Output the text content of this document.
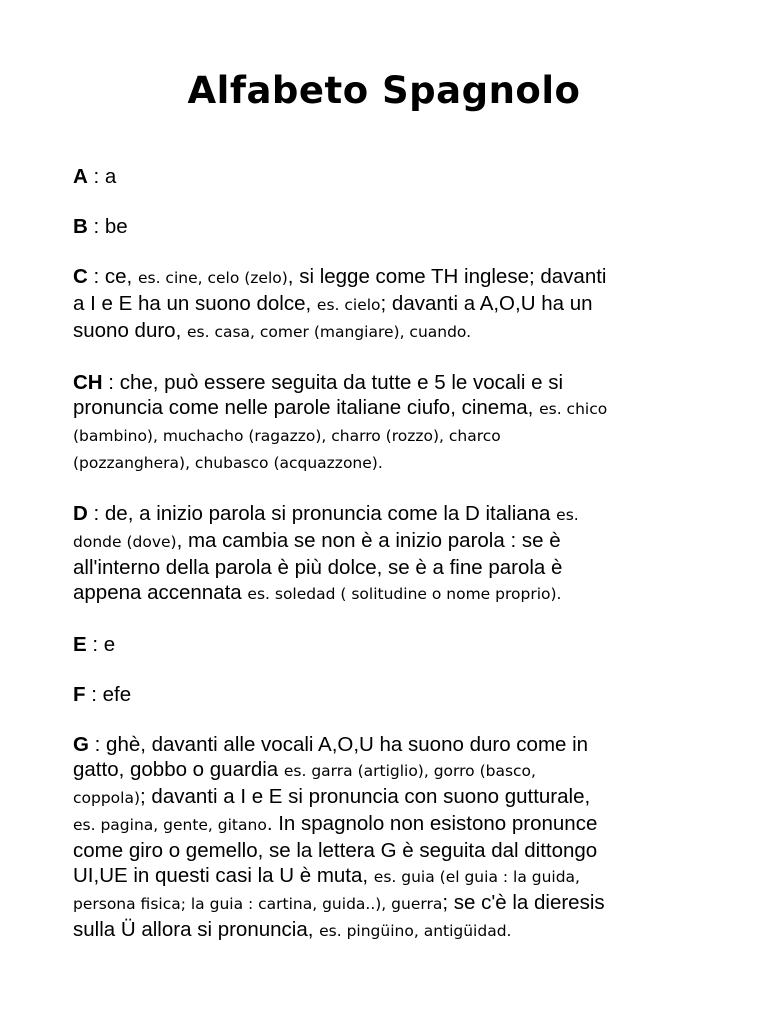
Alfabeto Spagnolo

A : a

B : be

C : ce, es. cine, celo (zelo), si legge come TH inglese; davanti
a I e E ha un suono dolce, es. cielo; davanti a A,O,U ha un
suono duro, es. casa, comer (mangiare), cuando.

CH : che, può essere seguita da tutte e 5 le vocali e si
pronuncia come nelle parole italiane ciufo, cinema, es. chico
(bambino), muchacho (ragazzo), charro (rozzo), charco
(pozzanghera), chubasco (acquazzone).

D : de, a inizio parola si pronuncia come la D italiana es.
donde (dove), ma cambia se non è a inizio parola : se è
all'interno della parola è più dolce, se è a fine parola è
appena accennata es. soledad ( solitudine o nome proprio).

E : e

F : efe

G : ghè, davanti alle vocali A,O,U ha suono duro come in
gatto, gobbo o guardia es. garra (artiglio), gorro (basco,
coppola); davanti a I e E si pronuncia con suono gutturale,
es. pagina, gente, gitano. In spagnolo non esistono pronunce
come giro o gemello, se la lettera G è seguita dal dittongo
UI,UE in questi casi la U è muta, es. guia (el guia : la guida,
persona fisica; la guia : cartina, guida..), guerra; se c'è la dieresis
sulla Ü allora si pronuncia, es. pingüino, antigüidad.
